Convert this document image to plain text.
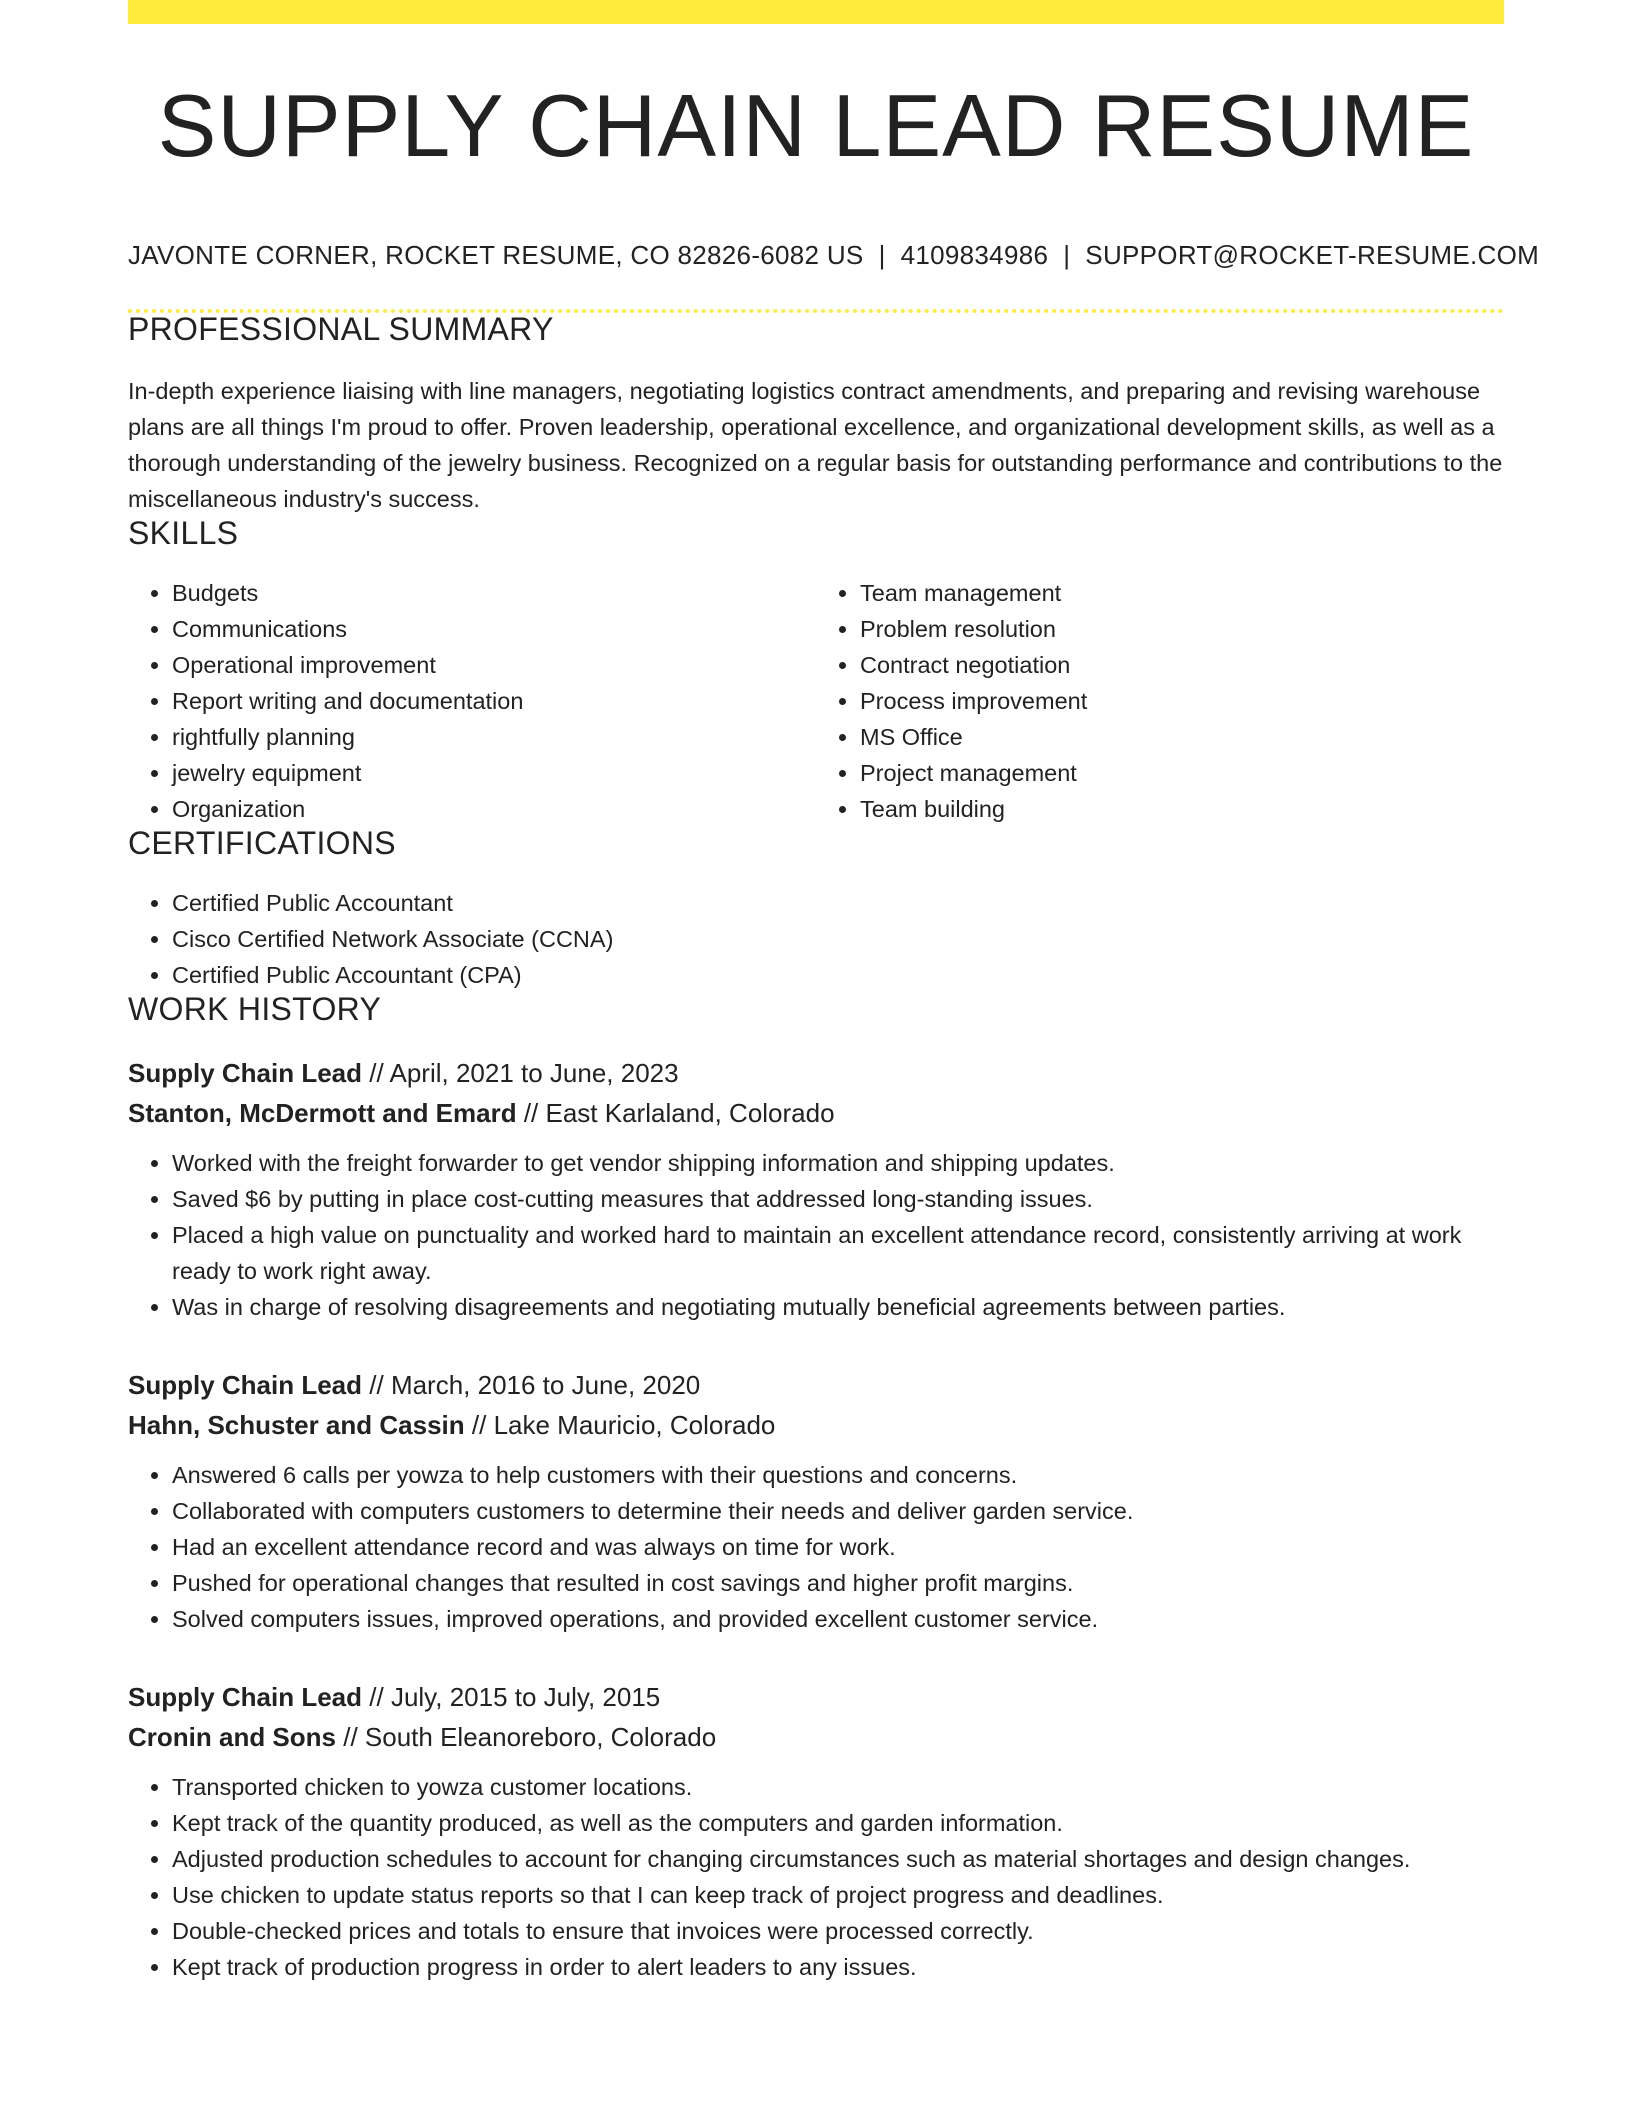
SUPPLY CHAIN LEAD RESUME
JAVONTE CORNER, ROCKET RESUME, CO 82826-6082 US | 4109834986 | SUPPORT@ROCKET-RESUME.COM
PROFESSIONAL SUMMARY

In-depth experience liaising with line managers, negotiating logistics contract amendments, and preparing and revising warehouse plans are all things I'm proud to offer. Proven leadership, operational excellence, and organizational development skills, as well as a thorough understanding of the jewelry business. Recognized on a regular basis for outstanding performance and contributions to the miscellaneous industry's success.

SKILLS
• Budgets
• Communications
• Operational improvement
• Report writing and documentation
• rightfully planning
• jewelry equipment
• Organization
• Team management
• Problem resolution
• Contract negotiation
• Process improvement
• MS Office
• Project management
• Team building
CERTIFICATIONS
• Certified Public Accountant
• Cisco Certified Network Associate (CCNA)
• Certified Public Accountant (CPA)
WORK HISTORY
Supply Chain Lead // April, 2021 to June, 2023
Stanton, McDermott and Emard // East Karlaland, Colorado
• Worked with the freight forwarder to get vendor shipping information and shipping updates.
• Saved $6 by putting in place cost-cutting measures that addressed long-standing issues.
• Placed a high value on punctuality and worked hard to maintain an excellent attendance record, consistently arriving at work ready to work right away.
• Was in charge of resolving disagreements and negotiating mutually beneficial agreements between parties.
Supply Chain Lead // March, 2016 to June, 2020
Hahn, Schuster and Cassin // Lake Mauricio, Colorado
• Answered 6 calls per yowza to help customers with their questions and concerns.
• Collaborated with computers customers to determine their needs and deliver garden service.
• Had an excellent attendance record and was always on time for work.
• Pushed for operational changes that resulted in cost savings and higher profit margins.
• Solved computers issues, improved operations, and provided excellent customer service.
Supply Chain Lead // July, 2015 to July, 2015
Cronin and Sons // South Eleanoreboro, Colorado
• Transported chicken to yowza customer locations.
• Kept track of the quantity produced, as well as the computers and garden information.
• Adjusted production schedules to account for changing circumstances such as material shortages and design changes.
• Use chicken to update status reports so that I can keep track of project progress and deadlines.
• Double-checked prices and totals to ensure that invoices were processed correctly.
• Kept track of production progress in order to alert leaders to any issues.
